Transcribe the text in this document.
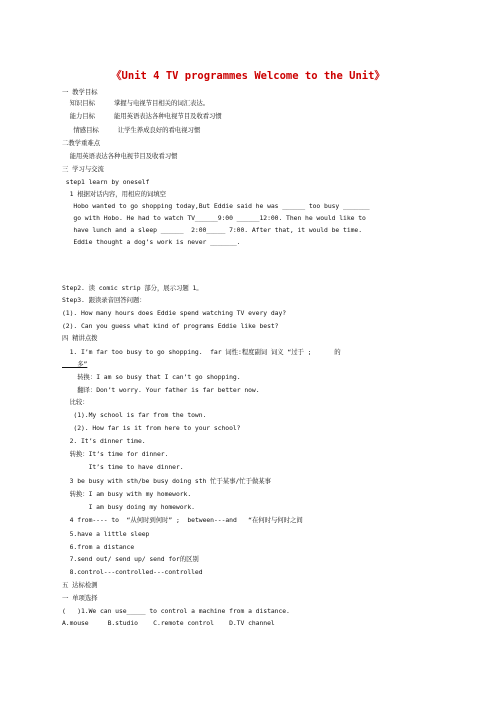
《Unit 4 TV programmes Welcome to the Unit》
一 教学目标
知识目标     掌握与电视节目相关的词汇表达。
能力目标     能用英语表达各种电视节目及收看习惯
情感目标     让学生养成良好的看电视习惯
二教学重难点
能用英语表达各种电视节目及收看习惯
三 学习与交流
step1 learn by oneself
1 根据对话内容，用相应的词填空
Hobo wanted to go shopping today,But Eddie said he was ______ too busy _______
go with Hobo. He had to watch TV______9:00 ______12:00. Then he would like to
have lunch and a sleep ______  2:00_____ 7:00. After that, it would be time.
Eddie thought a dog’s work is never _______.
Step2. 读 comic strip 部分，展示习题 1。
Step3. 跟读录音回答问题：
(1). How many hours does Eddie spend watching TV every day?
(2). Can you guess what kind of programs Eddie like best?
四 精讲点拨
1. I’m far too busy to go shopping.  far 词性:程度副词 词义 “过于 ;      的
多”
转换：I am so busy that I can’t go shopping.
翻译：Don’t worry. Your father is far better now.
比较：
(1).My school is far from the town.
(2). How far is it from here to your school?
2. It’s dinner time.
转换：It’s time for dinner.
It’s time to have dinner.
3 be busy with sth/be busy doing sth 忙于某事/忙于做某事
转换：I am busy with my homework.
I am busy doing my homework.
4 from---- to  “从何时到何时” ;  between---and   “在何时与何时之间
5.have a little sleep
6.from a distance
7.send out/ send up/ send for的区别
8.control---controlled---controlled
五 达标检测
一 单项选择
(   )1.We can use_____ to control a machine from a distance.
A.mouse     B.studio    C.remote control    D.TV channel
